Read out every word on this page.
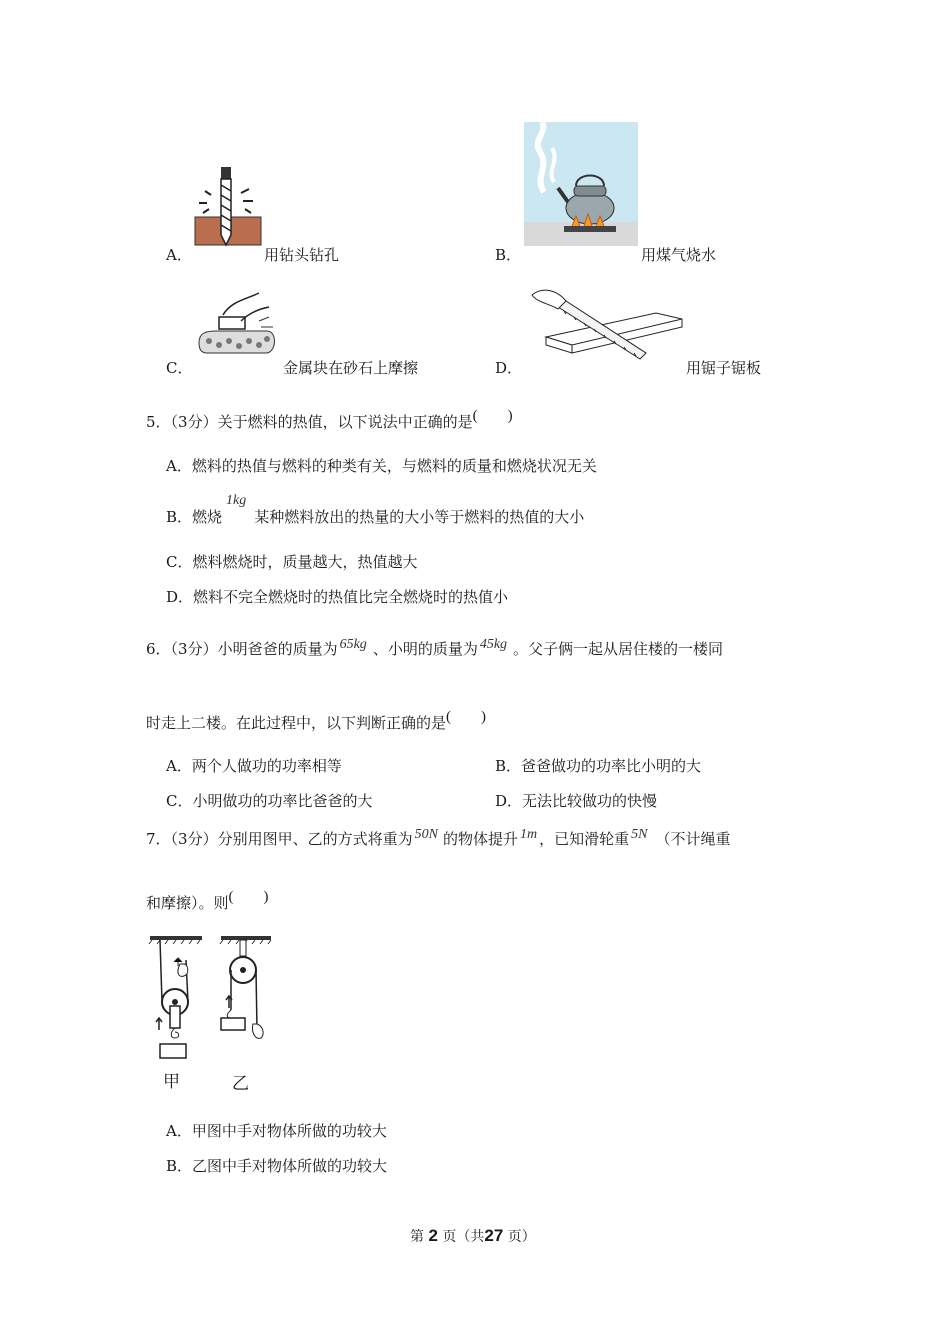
A．	用钻头钻孔	B．	用煤气烧水
C．	金属块在砂石上摩擦	D．	用锯子锯板
5．（3分）关于燃料的热值，以下说法中正确的是(　　)
A．燃料的热值与燃料的种类有关，与燃料的质量和燃烧状况无关
B．燃烧1kg某种燃料放出的热量的大小等于燃料的热值的大小
C．燃料燃烧时，质量越大，热值越大
D．燃料不完全燃烧时的热值比完全燃烧时的热值小
6．（3分）小明爸爸的质量为 65kg 、小明的质量为 45kg 。父子俩一起从居住楼的一楼同
时走上二楼。在此过程中，以下判断正确的是(　　)
A．两个人做功的功率相等	B．爸爸做功的功率比小明的大
C．小明做功的功率比爸爸的大	D．无法比较做功的快慢
7．（3分）分别用图甲、乙的方式将重为 50N 的物体提升 1m ，已知滑轮重 5N （不计绳重
和摩擦）。则(　　)
甲	乙
A．甲图中手对物体所做的功较大
B．乙图中手对物体所做的功较大
第 2 页（共27 页）
